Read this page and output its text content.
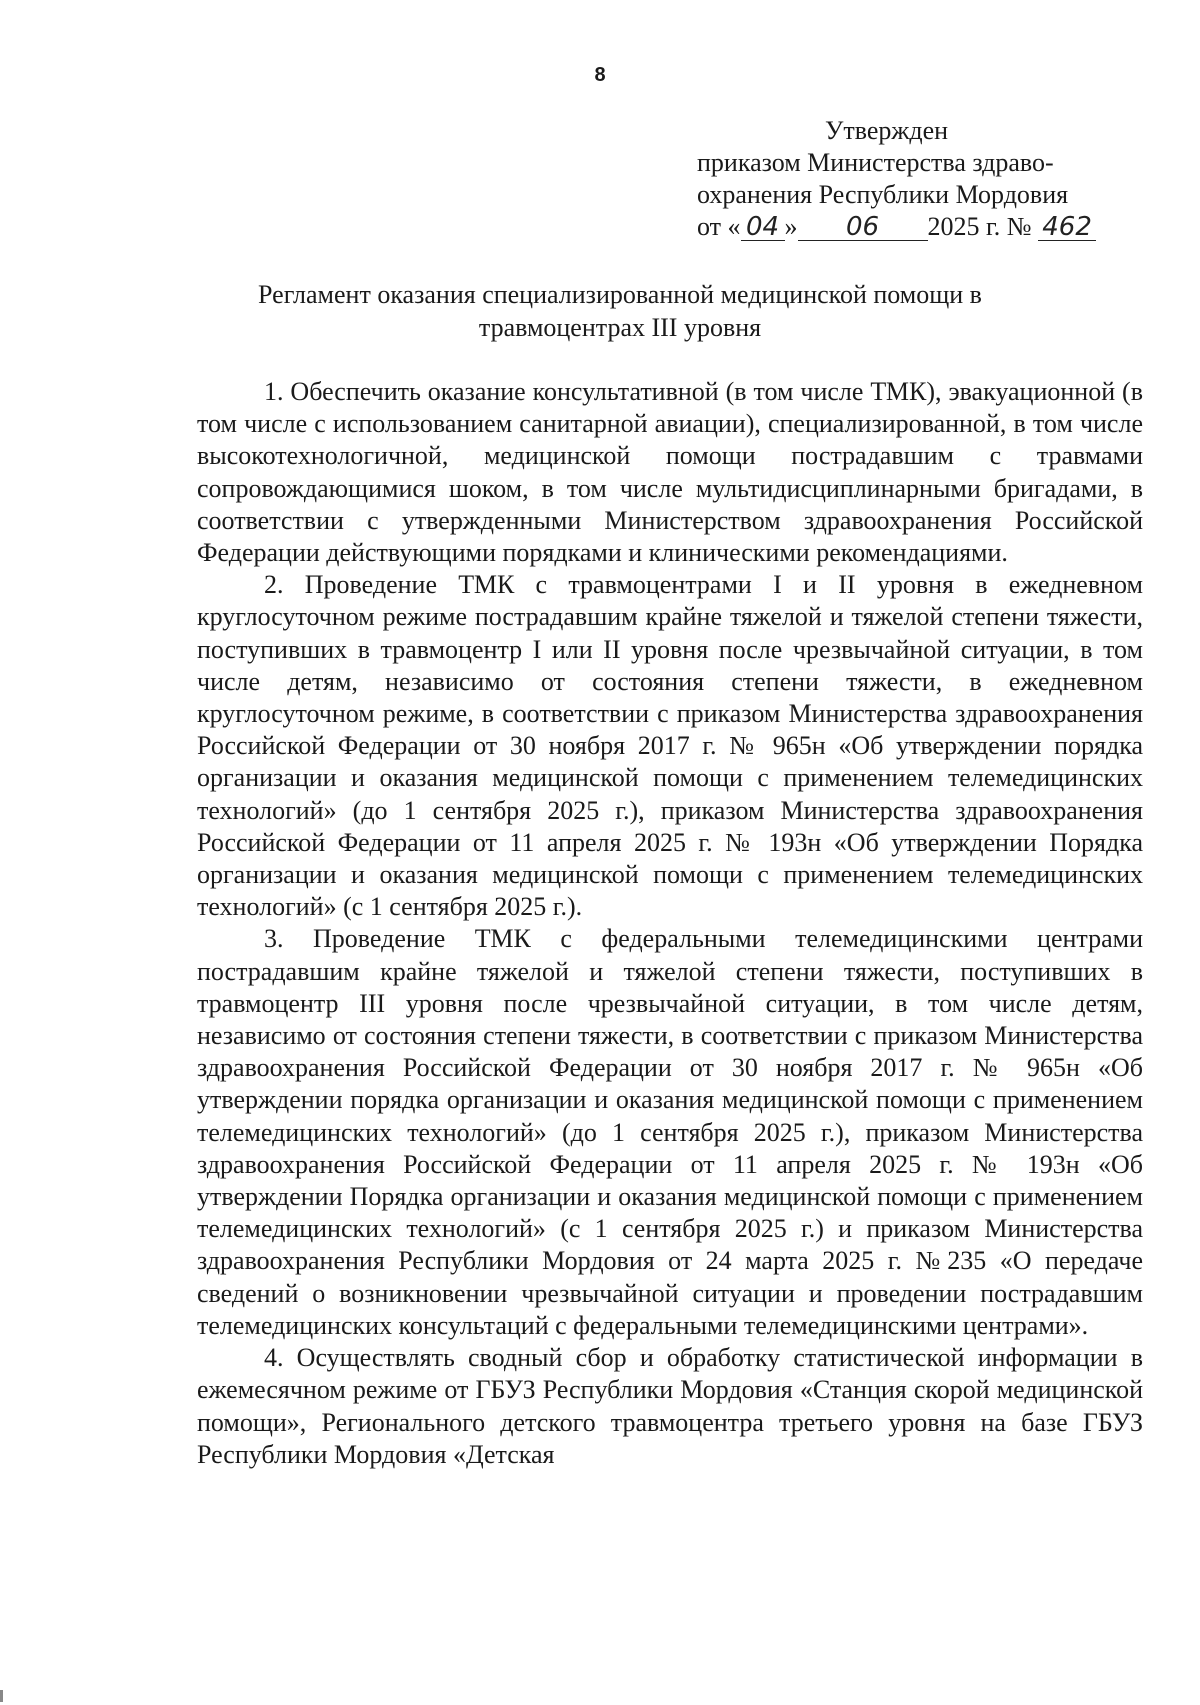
8
Утвержден
приказом Министерства здраво-
охранения Республики Мордовия
от « 04 » 06 2025 г. № 462
Регламент оказания специализированной медицинской помощи в
травмоцентрах III уровня

1. Обеспечить оказание консультативной (в том числе ТМК), эвакуационной (в том числе с использованием санитарной авиации), специализированной, в том числе высокотехнологичной, медицинской помощи пострадавшим с травмами сопровождающимися шоком, в том числе мультидисциплинарными бригадами, в соответствии с утвержденными Министерством здравоохранения Российской Федерации действующими порядками и клиническими рекомендациями.

2. Проведение ТМК с травмоцентрами I и II уровня в ежедневном круглосуточном режиме пострадавшим крайне тяжелой и тяжелой степени тяжести, поступивших в травмоцентр I или II уровня после чрезвычайной ситуации, в том числе детям, независимо от состояния степени тяжести, в ежедневном круглосуточном режиме, в соответствии с приказом Министерства здравоохранения Российской Федерации от 30 ноября 2017 г. № 965н «Об утверждении порядка организации и оказания медицинской помощи с применением телемедицинских технологий» (до 1 сентября 2025 г.), приказом Министерства здравоохранения Российской Федерации от 11 апреля 2025 г. № 193н «Об утверждении Порядка организации и оказания медицинской помощи с применением телемедицинских технологий» (с 1 сентября 2025 г.).

3. Проведение ТМК с федеральными телемедицинскими центрами пострадавшим крайне тяжелой и тяжелой степени тяжести, поступивших в травмоцентр III уровня после чрезвычайной ситуации, в том числе детям, независимо от состояния степени тяжести, в соответствии с приказом Министерства здравоохранения Российской Федерации от 30 ноября 2017 г. № 965н «Об утверждении порядка организации и оказания медицинской помощи с применением телемедицинских технологий» (до 1 сентября 2025 г.), приказом Министерства здравоохранения Российской Федерации от 11 апреля 2025 г. № 193н «Об утверждении Порядка организации и оказания медицинской помощи с применением телемедицинских технологий» (с 1 сентября 2025 г.) и приказом Министерства здравоохранения Республики Мордовия от 24 марта 2025 г. №235 «О передаче сведений о возникновении чрезвычайной ситуации и проведении пострадавшим телемедицинских консультаций с федеральными телемедицинскими центрами».

4. Осуществлять сводный сбор и обработку статистической информации в ежемесячном режиме от ГБУЗ Республики Мордовия «Станция скорой медицинской помощи», Регионального детского травмоцентра третьего уровня на базе ГБУЗ Республики Мордовия «Детская
